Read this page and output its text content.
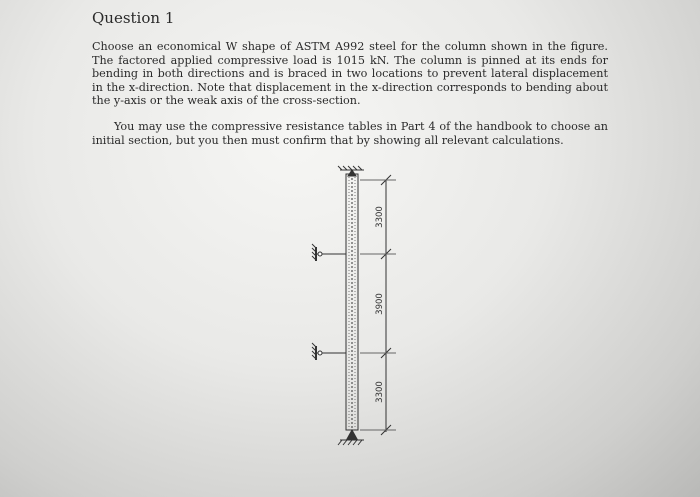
Question 1

Choose an economical W shape of ASTM A992 steel for the column shown in the figure. The factored applied compressive load is 1015 kN. The column is pinned at its ends for bending in both directions and is braced in two locations to prevent lateral displacement in the x-direction. Note that displacement in the x-direction corresponds to bending about the y-axis or the weak axis of the cross-section.

You may use the compressive resistance tables in Part 4 of the handbook to choose an initial section, but you then must confirm that by showing all relevant calculations.

3300
3900
3300
